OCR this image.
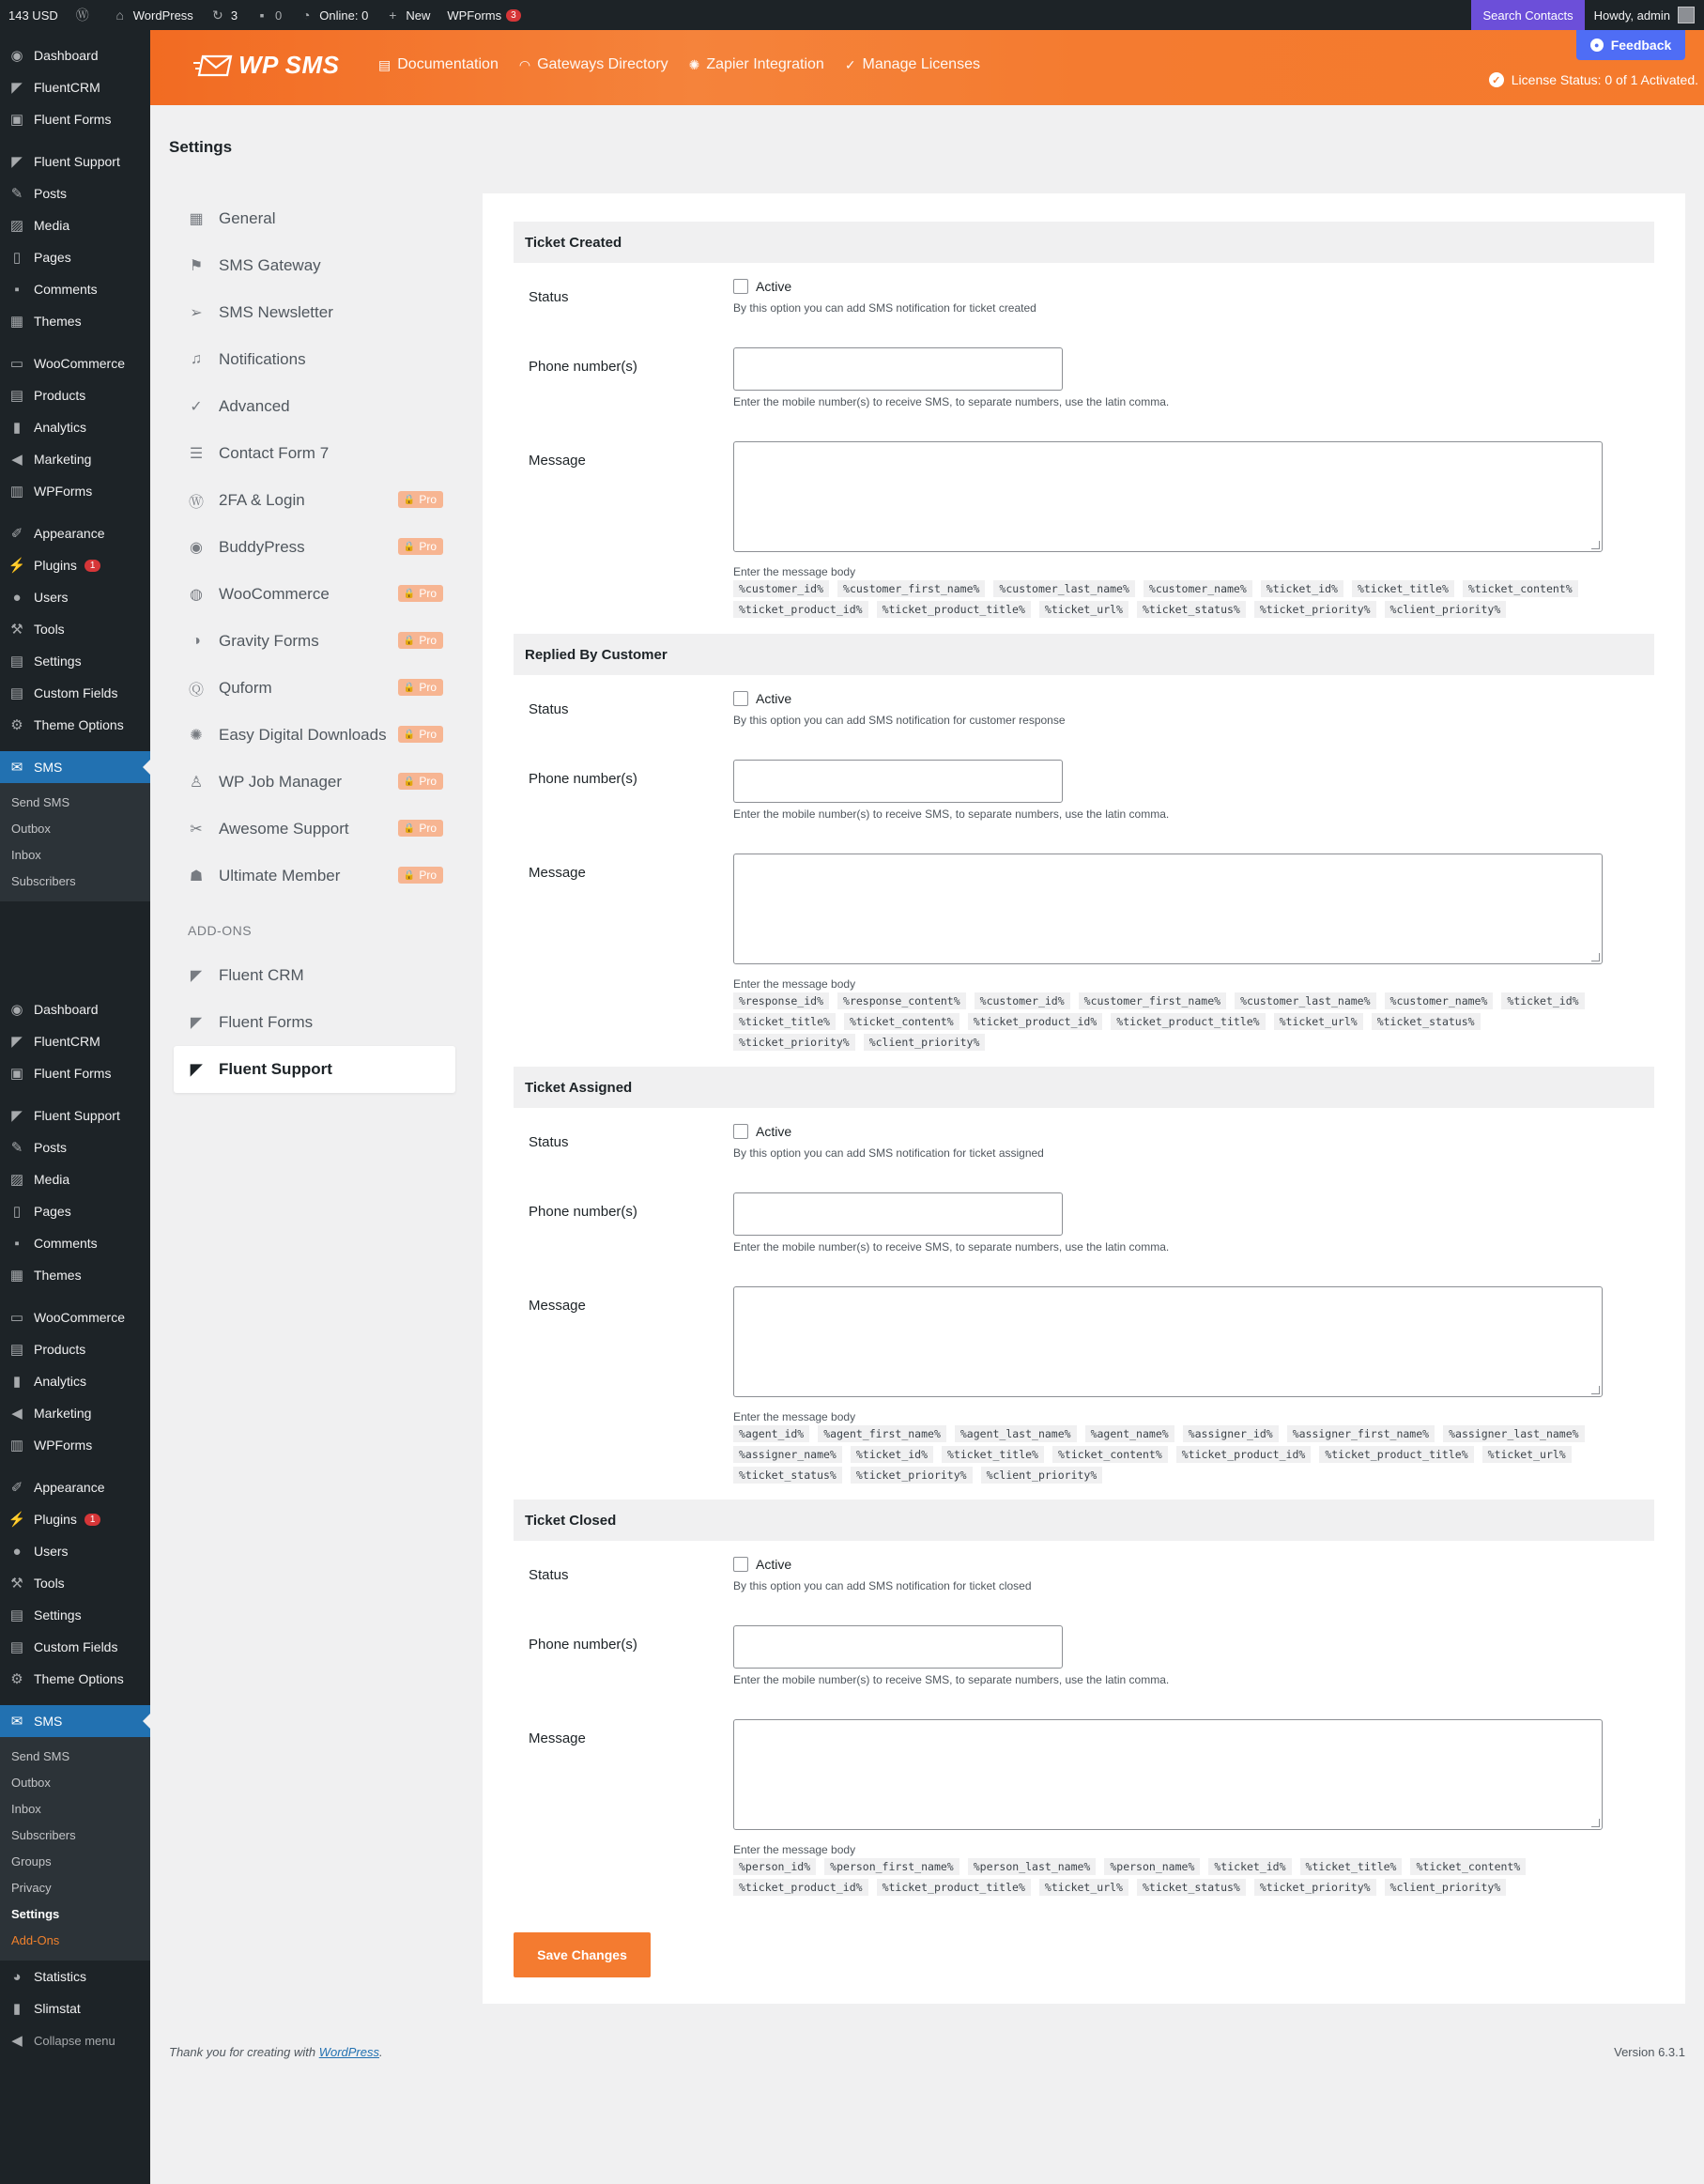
143 USD Ⓦ ⌂ WordPress ↻ 3	▪ 0 ◔ Online: 0 + New WPForms	3	Search Contacts Howdy, admin
◉ Dashboard
◤ FluentCRM
▣ Fluent Forms
◤ Fluent Support
✎ Posts
▨ Media
▯ Pages
▪	Comments
▦ Themes
▭ WooCommerce
▤ Products
▮ Analytics
◀ Marketing
▥ WPForms
✐ Appearance
⚡ Plugins	1
● Users
⚒ Tools
▤ Settings
▤ Custom Fields
⚙ Theme Options
✉ SMS
Send SMS
Outbox
Inbox
Subscribers
◉ Dashboard
◤ FluentCRM
▣ Fluent Forms
◤ Fluent Support
✎ Posts
▨ Media
▯ Pages
▪	Comments
▦ Themes
▭ WooCommerce
▤ Products
▮ Analytics
◀ Marketing
▥ WPForms
✐ Appearance
⚡ Plugins	1
● Users
⚒ Tools
▤ Settings
▤ Custom Fields
⚙ Theme Options
✉ SMS
Send SMS
Outbox
Inbox
Subscribers
Groups
Privacy
Settings
Add-Ons
◕ Statistics
▮ Slimstat
◀ Collapse menu
WP SMS	▤ Documentation ◠ Gateways Directory ✺ Zapier Integration ✓ Manage Licenses
✓ License Status: 0 of 1 Activated.
● Feedback
Settings
▦ General
⚑ SMS Gateway
➢ SMS Newsletter
♫ Notifications
✓ Advanced
☰ Contact Form 7
Ⓦ 2FA & Login	🔒 Pro
◉ BuddyPress	🔒 Pro
◍ WooCommerce	🔒 Pro
◑	Gravity Forms	🔒 Pro
Ⓠ Quform	🔒 Pro
✺ Easy Digital Downloads 🔒 Pro
♙ WP Job Manager	🔒 Pro
✂ Awesome Support	🔒 Pro
☗ Ultimate Member	🔒 Pro
ADD-ONS
◤ Fluent CRM
◤ Fluent Forms
◤ Fluent Support
Ticket Created
Status
Active
By this option you can add SMS notification for ticket created
Phone number(s)
Enter the mobile number(s) to receive SMS, to separate numbers, use the latin comma.
Message
Enter the message body
%customer_id%	%customer_first_name%	%customer_last_name%	%customer_name%	%ticket_id%	%ticket_title%	%ticket_content%
%ticket_product_id%	%ticket_product_title%	%ticket_url%	%ticket_status%	%ticket_priority%	%client_priority%
Replied By Customer
Status
Active
By this option you can add SMS notification for customer response
Phone number(s)
Enter the mobile number(s) to receive SMS, to separate numbers, use the latin comma.
Message
Enter the message body
%response_id%	%response_content%	%customer_id%	%customer_first_name%	%customer_last_name%	%customer_name%	%ticket_id%
%ticket_title%	%ticket_content%	%ticket_product_id%	%ticket_product_title%	%ticket_url%	%ticket_status%
%ticket_priority%	%client_priority%
Ticket Assigned
Status
Active
By this option you can add SMS notification for ticket assigned
Phone number(s)
Enter the mobile number(s) to receive SMS, to separate numbers, use the latin comma.
Message
Enter the message body
%agent_id%	%agent_first_name%	%agent_last_name%	%agent_name%	%assigner_id%	%assigner_first_name%	%assigner_last_name%
%assigner_name%	%ticket_id%	%ticket_title%	%ticket_content%	%ticket_product_id%	%ticket_product_title%	%ticket_url%
%ticket_status%	%ticket_priority%	%client_priority%
Ticket Closed
Status
Active
By this option you can add SMS notification for ticket closed
Phone number(s)
Enter the mobile number(s) to receive SMS, to separate numbers, use the latin comma.
Message
Enter the message body
%person_id%	%person_first_name%	%person_last_name%	%person_name%	%ticket_id%	%ticket_title%	%ticket_content%
%ticket_product_id%	%ticket_product_title%	%ticket_url%	%ticket_status%	%ticket_priority%	%client_priority%
Save Changes
Thank you for creating with WordPress.	Version 6.3.1
